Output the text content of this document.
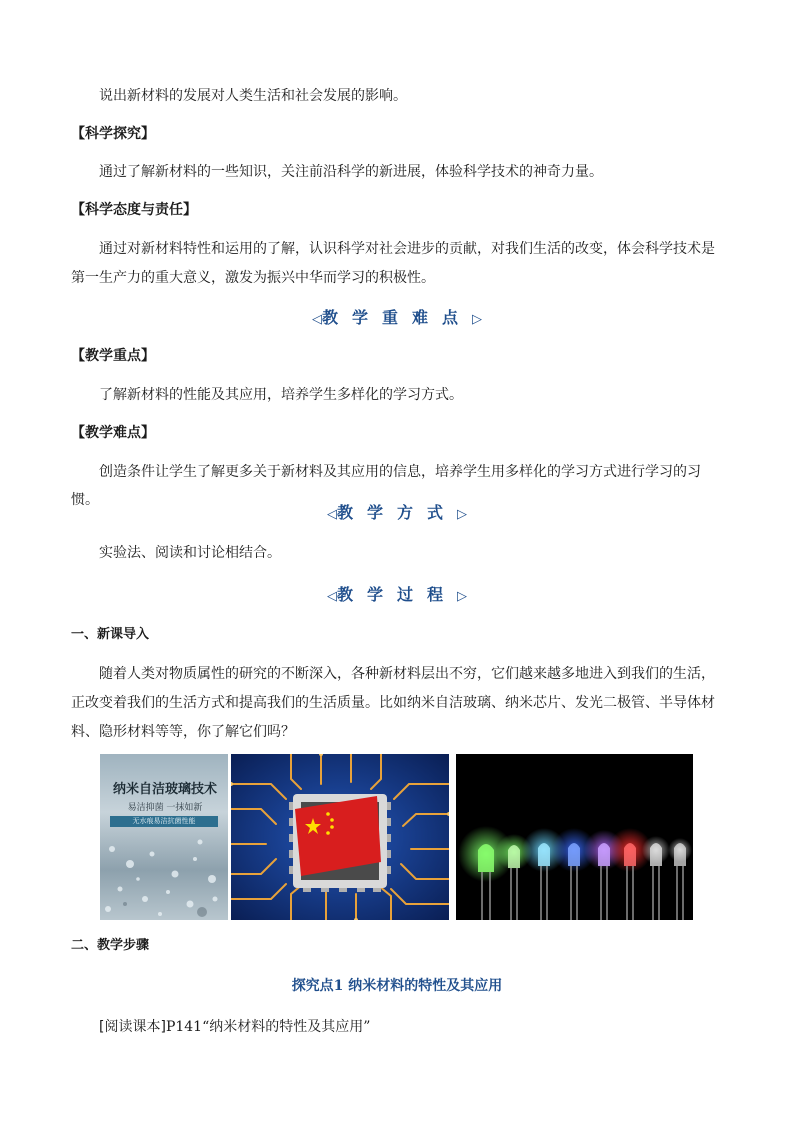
说出新材料的发展对人类生活和社会发展的影响。

【科学探究】

通过了解新材料的一些知识，关注前沿科学的新进展，体验科学技术的神奇力量。

【科学态度与责任】

通过对新材料特性和运用的了解，认识科学对社会进步的贡献，对我们生活的改变，体会科学技术是第一生产力的重大意义，激发为振兴中华而学习的积极性。

◁教学重难点▷

【教学重点】

了解新材料的性能及其应用，培养学生多样化的学习方式。

【教学难点】

创造条件让学生了解更多关于新材料及其应用的信息，培养学生用多样化的学习方式进行学习的习惯。

◁教学方式▷

实验法、阅读和讨论相结合。

◁教学过程▷

一、新课导入

随着人类对物质属性的研究的不断深入，各种新材料层出不穷，它们越来越多地进入到我们的生活，正改变着我们的生活方式和提高我们的生活质量。比如纳米自洁玻璃、纳米芯片、发光二极管、半导体材料、隐形材料等等，你了解它们吗？

纳米自洁玻璃技术
易洁抑菌 一抹如新
无水痕易洁抗菌性能

二、教学步骤

探究点1 纳米材料的特性及其应用

[阅读课本]P141“纳米材料的特性及其应用”
